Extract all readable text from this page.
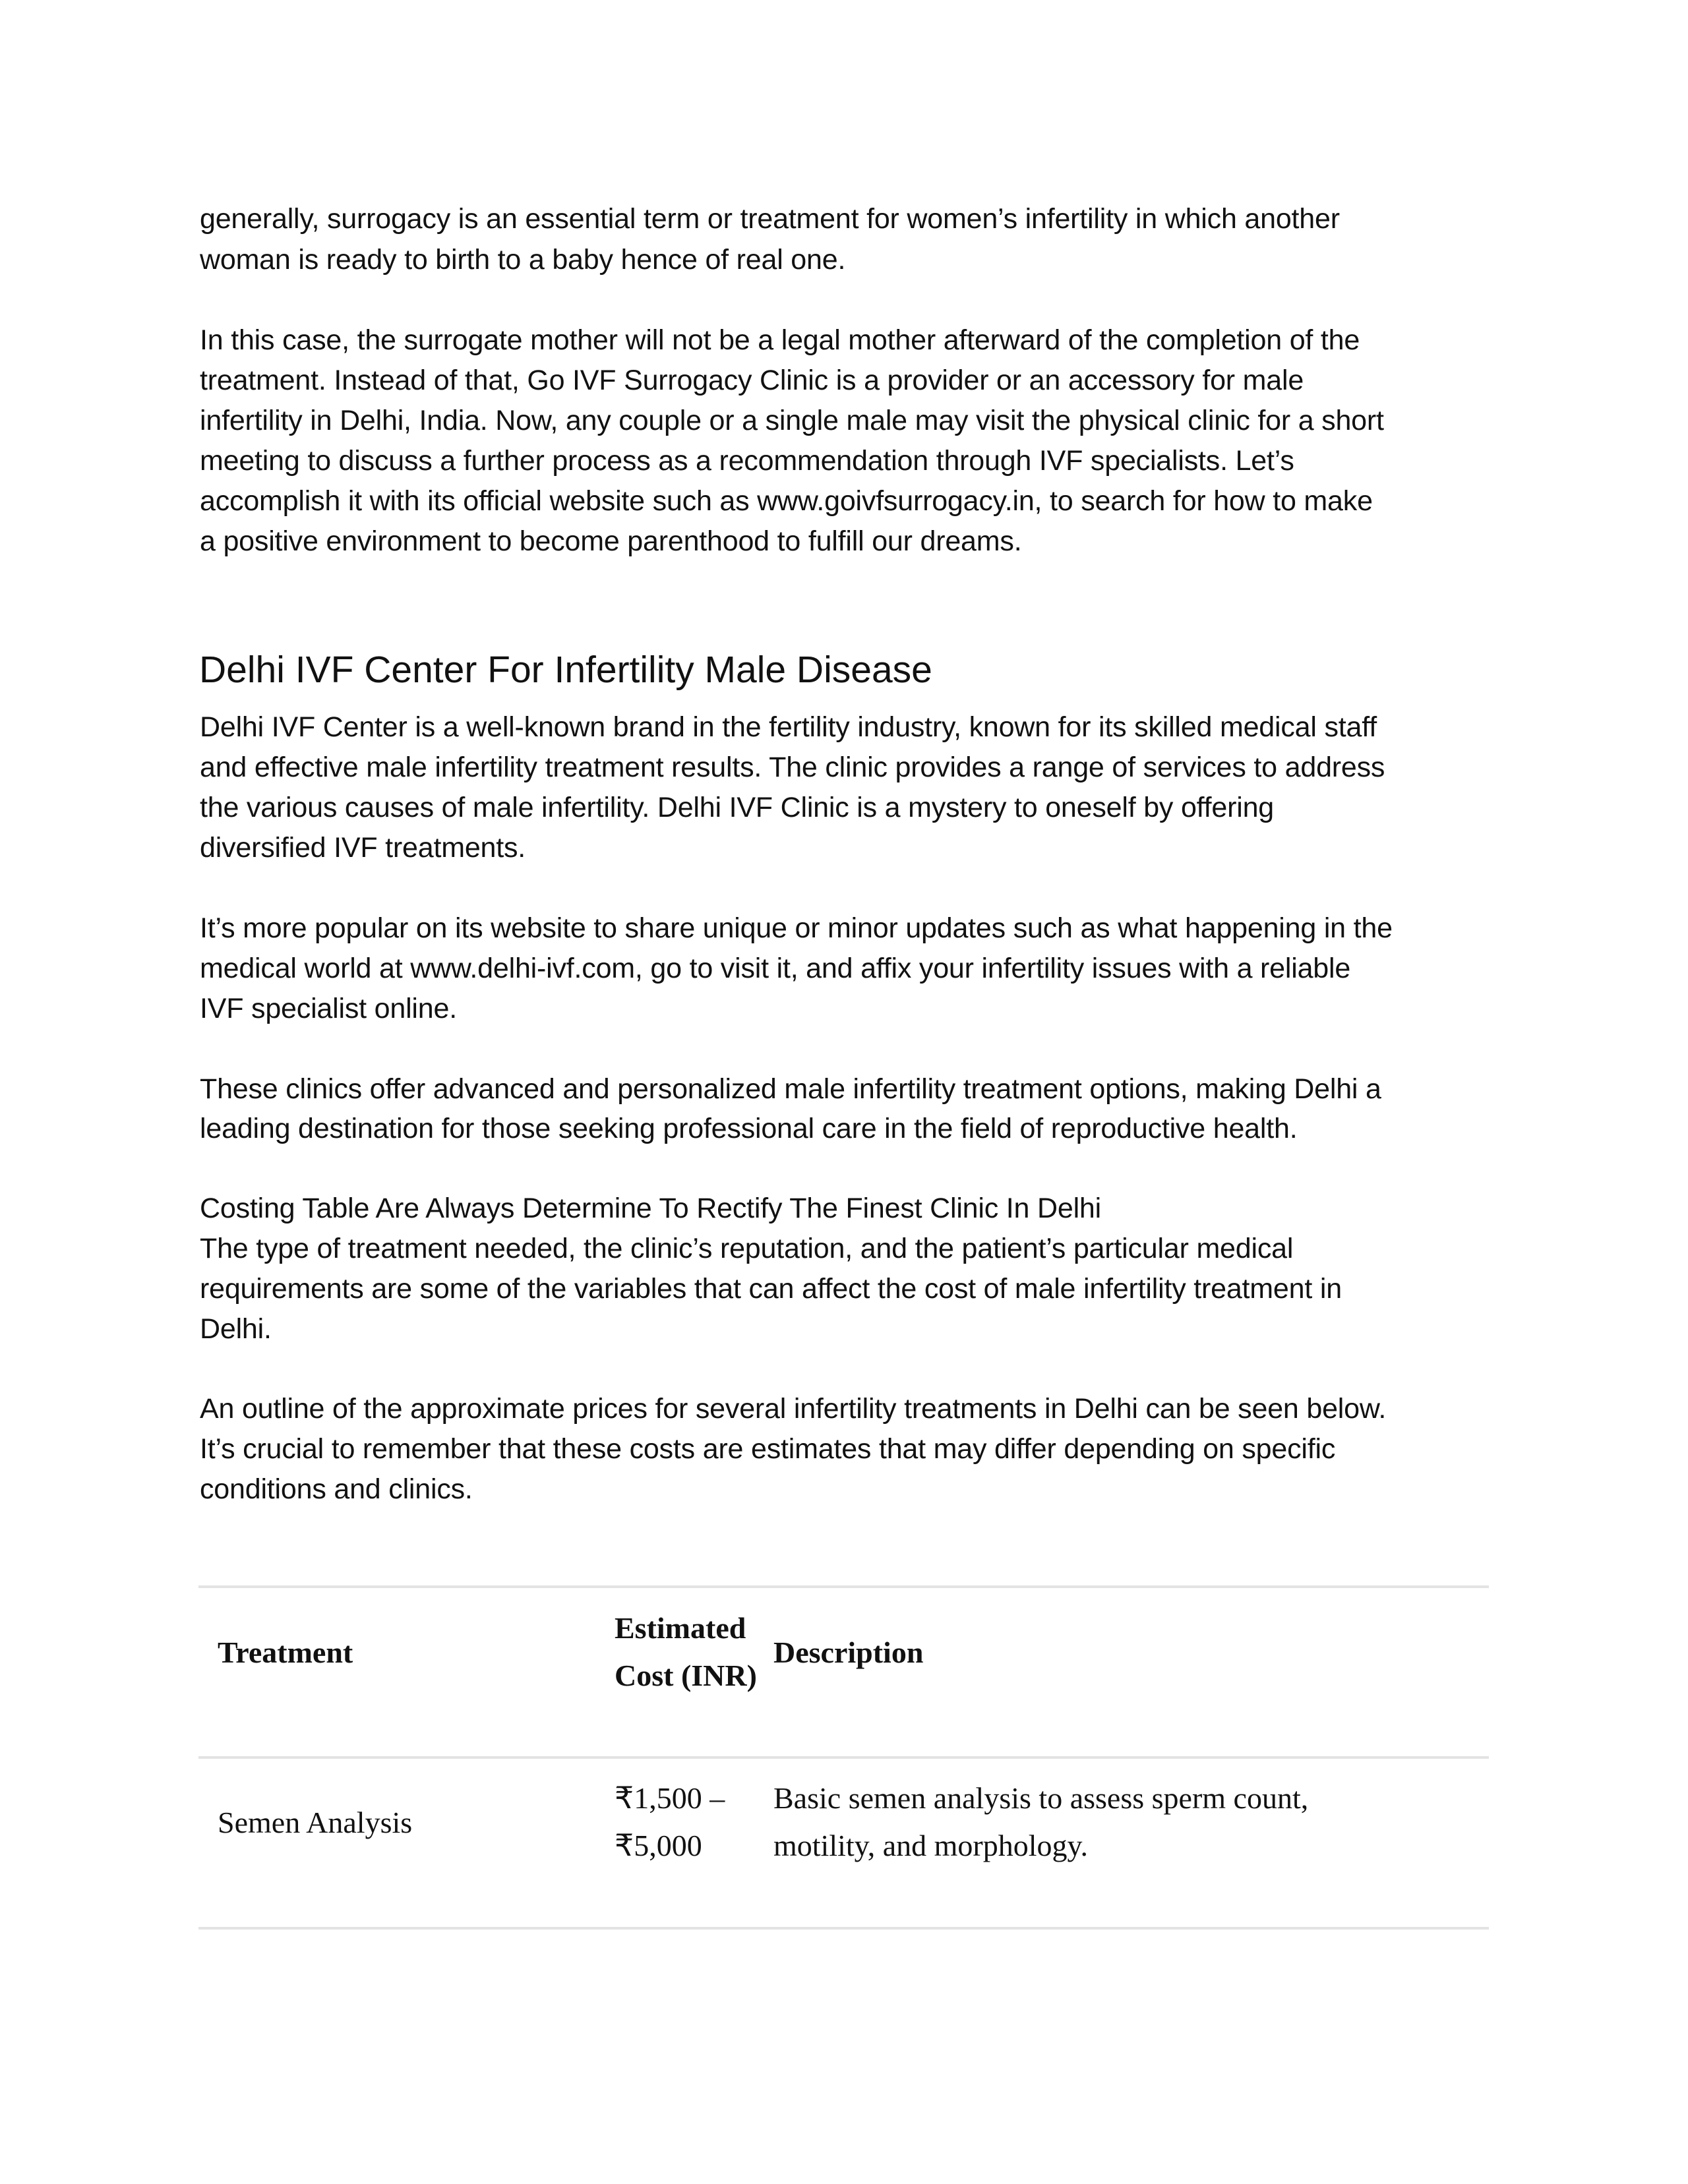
generally, surrogacy is an essential term or treatment for women’s infertility in which another
woman is ready to birth to a baby hence of real one.
In this case, the surrogate mother will not be a legal mother afterward of the completion of the
treatment. Instead of that, Go IVF Surrogacy Clinic is a provider or an accessory for male
infertility in Delhi, India. Now, any couple or a single male may visit the physical clinic for a short
meeting to discuss a further process as a recommendation through IVF specialists. Let’s
accomplish it with its official website such as www.goivfsurrogacy.in, to search for how to make
a positive environment to become parenthood to fulfill our dreams.
Delhi IVF Center For Infertility Male Disease
Delhi IVF Center is a well-known brand in the fertility industry, known for its skilled medical staff
and effective male infertility treatment results. The clinic provides a range of services to address
the various causes of male infertility. Delhi IVF Clinic is a mystery to oneself by offering
diversified IVF treatments.
It’s more popular on its website to share unique or minor updates such as what happening in the
medical world at www.delhi-ivf.com, go to visit it, and affix your infertility issues with a reliable
IVF specialist online.
These clinics offer advanced and personalized male infertility treatment options, making Delhi a
leading destination for those seeking professional care in the field of reproductive health.
Costing Table Are Always Determine To Rectify The Finest Clinic In Delhi
The type of treatment needed, the clinic’s reputation, and the patient’s particular medical
requirements are some of the variables that can affect the cost of male infertility treatment in
Delhi.
An outline of the approximate prices for several infertility treatments in Delhi can be seen below.
It’s crucial to remember that these costs are estimates that may differ depending on specific
conditions and clinics.
Treatment
Estimated
Cost (INR)
Description
Semen Analysis
₹1,500 –
₹5,000
Basic semen analysis to assess sperm count,
motility, and morphology.
